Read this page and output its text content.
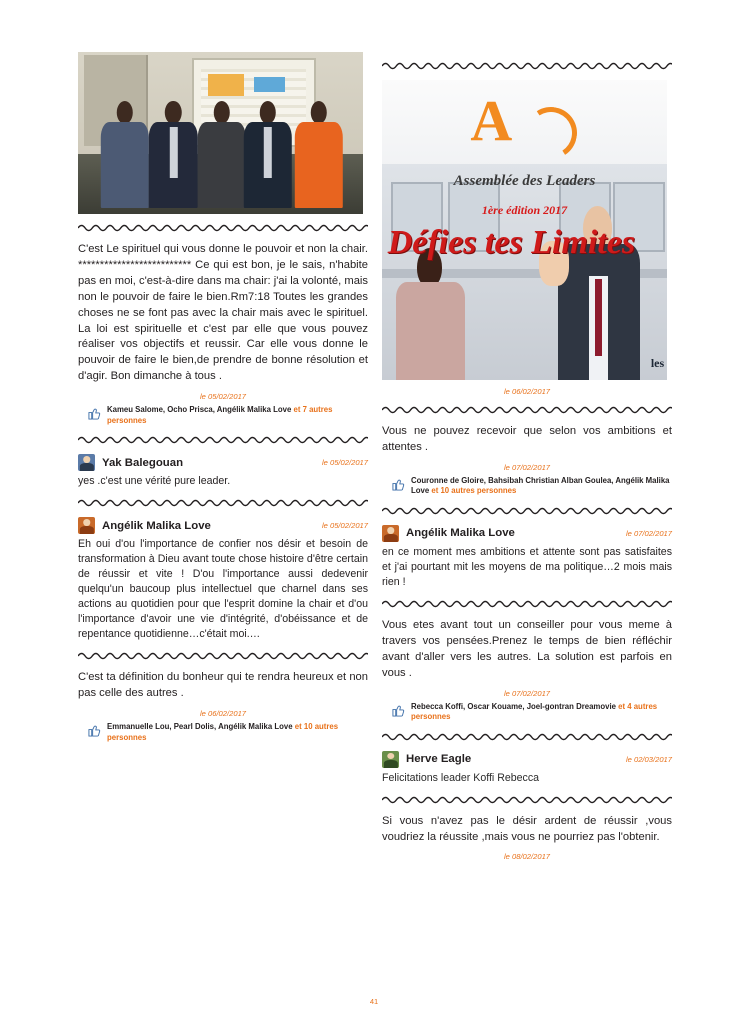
C'est Le spirituel qui vous donne le pouvoir et non la chair. ************************** Ce qui est bon, je le sais, n'habite pas en moi, c'est-à-dire dans ma chair: j'ai la volonté, mais non le pouvoir de faire le bien.Rm7:18 Toutes les grandes choses ne se font pas avec la chair mais avec le spirituel. La loi est spirituelle et c'est par elle que vous pouvez réaliser vos objectifs et reussir. Car elle vous donne le pouvoir de faire le bien,de prendre de bonne résolution et d'agir. Bon dimanche à tous .

le 05/02/2017
Kameu Salome, Ocho Prisca, Angélik Malika Love et 7 autres personnes
Yak Balegouan	le 05/02/2017

yes .c'est une vérité pure leader.

Angélik Malika Love	le 05/02/2017

Eh oui d'ou l'importance de confier nos désir et besoin de transformation à Dieu avant toute chose histoire d'être certain de réussir et vite ! D'ou l'importance aussi dedevenir quelqu'un baucoup plus intellectuel que charnel dans ses actions au quotidien pour que l'esprit domine la chair et d'ou l'importance d'avoir une vie d'intégrité, d'obéissance et de repentance quotidienne…c'était moi.…

C'est ta définition du bonheur qui te rendra heureux et non pas celle des autres .

le 06/02/2017
Emmanuelle Lou, Pearl Dolis, Angélik Malika Love et 10 autres personnes
A
Assemblée des Leaders
1ère édition 2017
Défies tes Limites
les
le 06/02/2017

Vous ne pouvez recevoir que selon vos ambitions et attentes .

le 07/02/2017
Couronne de Gloire, Bahsibah Christian Alban Goulea, Angélik Malika Love et 10 autres personnes
Angélik Malika Love	le 07/02/2017

en ce moment mes ambitions et attente sont pas satisfaites et j'ai pourtant mit les moyens de ma politique…2 mois mais rien !

Vous etes avant tout un conseiller pour vous meme à travers vos pensées.Prenez le temps de bien réfléchir avant d'aller vers les autres. La solution est parfois en vous .

le 07/02/2017
Rebecca Koffi, Oscar Kouame, Joel-gontran Dreamovie et 4 autres personnes
Herve Eagle	le 02/03/2017

Felicitations leader Koffi Rebecca

Si vous n'avez pas le désir ardent de réussir ,vous voudriez la réussite ,mais vous ne pourriez pas l'obtenir.

le 08/02/2017
41
